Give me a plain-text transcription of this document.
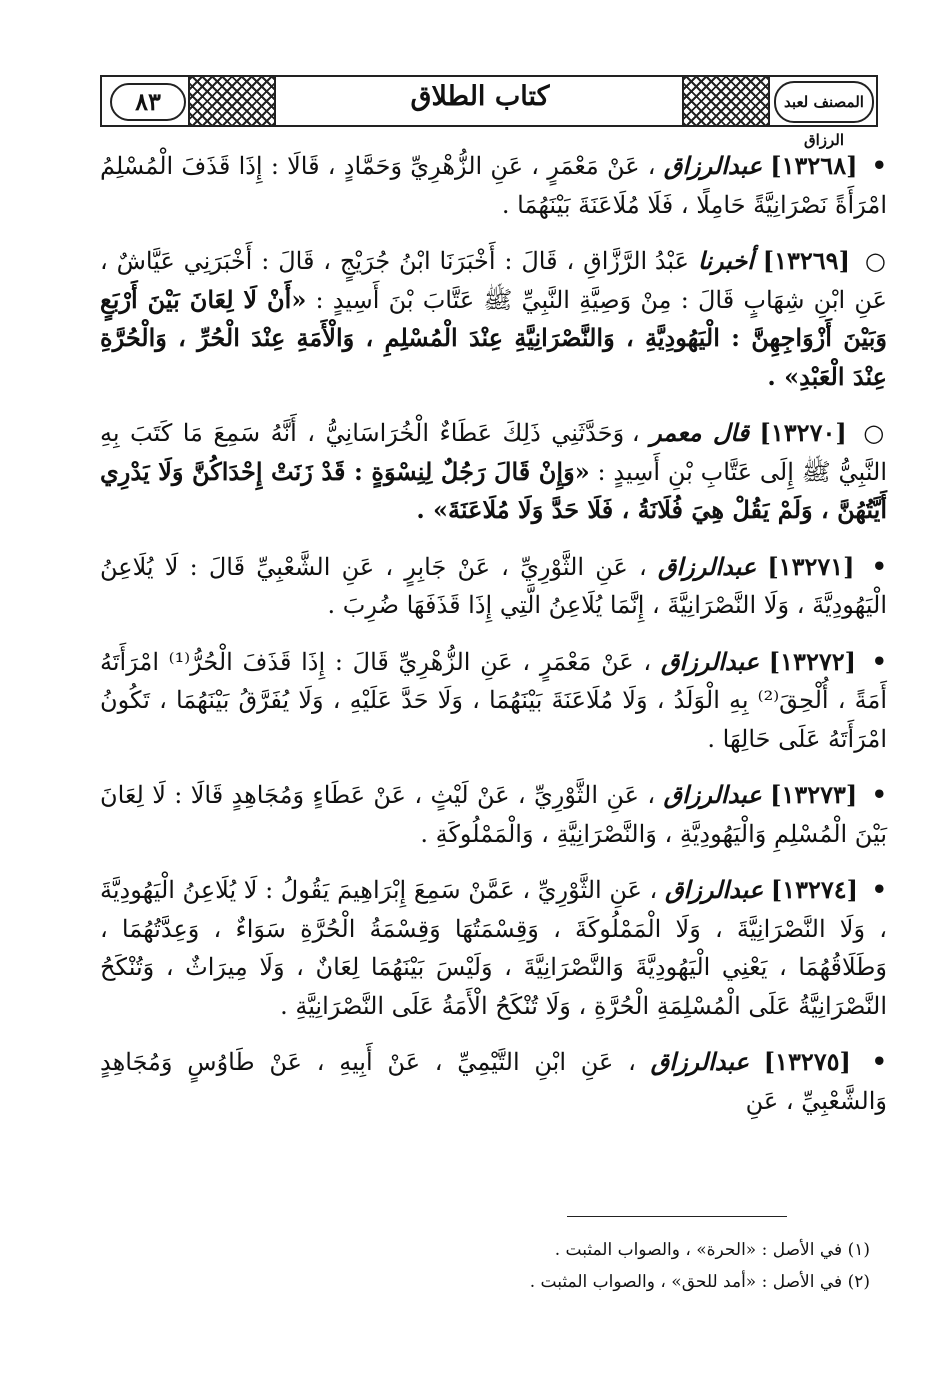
٨٣	كتاب الطلاق	المصنف لعبد الرزاق

• [١٣٢٦٨] عبدالرزاق ، عَنْ مَعْمَرٍ ، عَنِ الزُّهْرِيِّ وَحَمَّادٍ ، قَالَا : إِذَا قَذَفَ الْمُسْلِمُ امْرَأَةً نَصْرَانِيَّةً حَامِلًا ، فَلَا مُلَاعَنَةَ بَيْنَهُمَا .

○ [١٣٢٦٩] أخبرنا عَبْدُ الرَّزَّاقِ ، قَالَ : أَخْبَرَنَا ابْنُ جُرَيْجٍ ، قَالَ : أَخْبَرَنِي عَيَّاشٌ ، عَنِ ابْنِ شِهَابٍ قَالَ : مِنْ وَصِيَّةِ النَّبِيِّ ﷺ عَتَّابَ بْنَ أَسِيدٍ : «أَنْ لَا لِعَانَ بَيْنَ أَرْبَعٍ وَبَيْنَ أَزْوَاجِهِنَّ : الْيَهُودِيَّةِ ، وَالنَّصْرَانِيَّةِ عِنْدَ الْمُسْلِمِ ، وَالْأَمَةِ عِنْدَ الْحُرِّ ، وَالْحُرَّةِ عِنْدَ الْعَبْدِ» .

○ [١٣٢٧٠] قال معمر ، وَحَدَّثَنِي ذَلِكَ عَطَاءٌ الْخُرَاسَانِيُّ ، أَنَّهُ سَمِعَ مَا كَتَبَ بِهِ النَّبِيُّ ﷺ إِلَى عَتَّابِ بْنِ أَسِيدٍ : «وَإِنْ قَالَ رَجُلٌ لِنِسْوَةٍ : قَدْ زَنَتْ إِحْدَاكُنَّ وَلَا يَدْرِي أَيَّتُهُنَّ ، وَلَمْ يَقُلْ هِيَ فُلَانَةُ ، فَلَا حَدَّ وَلَا مُلَاعَنَةَ» .

• [١٣٢٧١] عبدالرزاق ، عَنِ الثَّوْرِيِّ ، عَنْ جَابِرٍ ، عَنِ الشَّعْبِيِّ قَالَ : لَا يُلَاعِنُ الْيَهُودِيَّةَ ، وَلَا النَّصْرَانِيَّةَ ، إِنَّمَا يُلَاعِنُ الَّتِي إِذَا قَذَفَهَا ضُرِبَ .

• [١٣٢٧٢] عبدالرزاق ، عَنْ مَعْمَرٍ ، عَنِ الزُّهْرِيِّ قَالَ : إِذَا قَذَفَ الْحُرُّ⁽¹⁾ امْرَأَتَهُ أَمَةً ، أُلْحِقَ⁽²⁾ بِهِ الْوَلَدُ ، وَلَا مُلَاعَنَةَ بَيْنَهُمَا ، وَلَا حَدَّ عَلَيْهِ ، وَلَا يُفَرَّقُ بَيْنَهُمَا ، تَكُونُ امْرَأَتَهُ عَلَى حَالِهَا .

• [١٣٢٧٣] عبدالرزاق ، عَنِ الثَّوْرِيِّ ، عَنْ لَيْثٍ ، عَنْ عَطَاءٍ وَمُجَاهِدٍ قَالَا : لَا لِعَانَ بَيْنَ الْمُسْلِمِ وَالْيَهُودِيَّةِ ، وَالنَّصْرَانِيَّةِ ، وَالْمَمْلُوكَةِ .

• [١٣٢٧٤] عبدالرزاق ، عَنِ الثَّوْرِيِّ ، عَمَّنْ سَمِعَ إِبْرَاهِيمَ يَقُولُ : لَا يُلَاعِنُ الْيَهُودِيَّةَ ، وَلَا النَّصْرَانِيَّةَ ، وَلَا الْمَمْلُوكَةَ ، وَقِسْمَتُهَا وَقِسْمَةُ الْحُرَّةِ سَوَاءٌ ، وَعِدَّتُهُمَا ، وَطَلَاقُهُمَا ، يَعْنِي الْيَهُودِيَّةَ وَالنَّصْرَانِيَّةَ ، وَلَيْسَ بَيْنَهُمَا لِعَانٌ ، وَلَا مِيرَاثٌ ، وَتُنْكَحُ النَّصْرَانِيَّةُ عَلَى الْمُسْلِمَةِ الْحُرَّةِ ، وَلَا تُنْكَحُ الْأَمَةُ عَلَى النَّصْرَانِيَّةِ .

• [١٣٢٧٥] عبدالرزاق ، عَنِ ابْنِ التَّيْمِيِّ ، عَنْ أَبِيهِ ، عَنْ طَاوُسٍ وَمُجَاهِدٍ وَالشَّعْبِيِّ ، عَنِ

(١) في الأصل : «الحرة» ، والصواب المثبت .
(٢) في الأصل : «أمد للحق» ، والصواب المثبت .
